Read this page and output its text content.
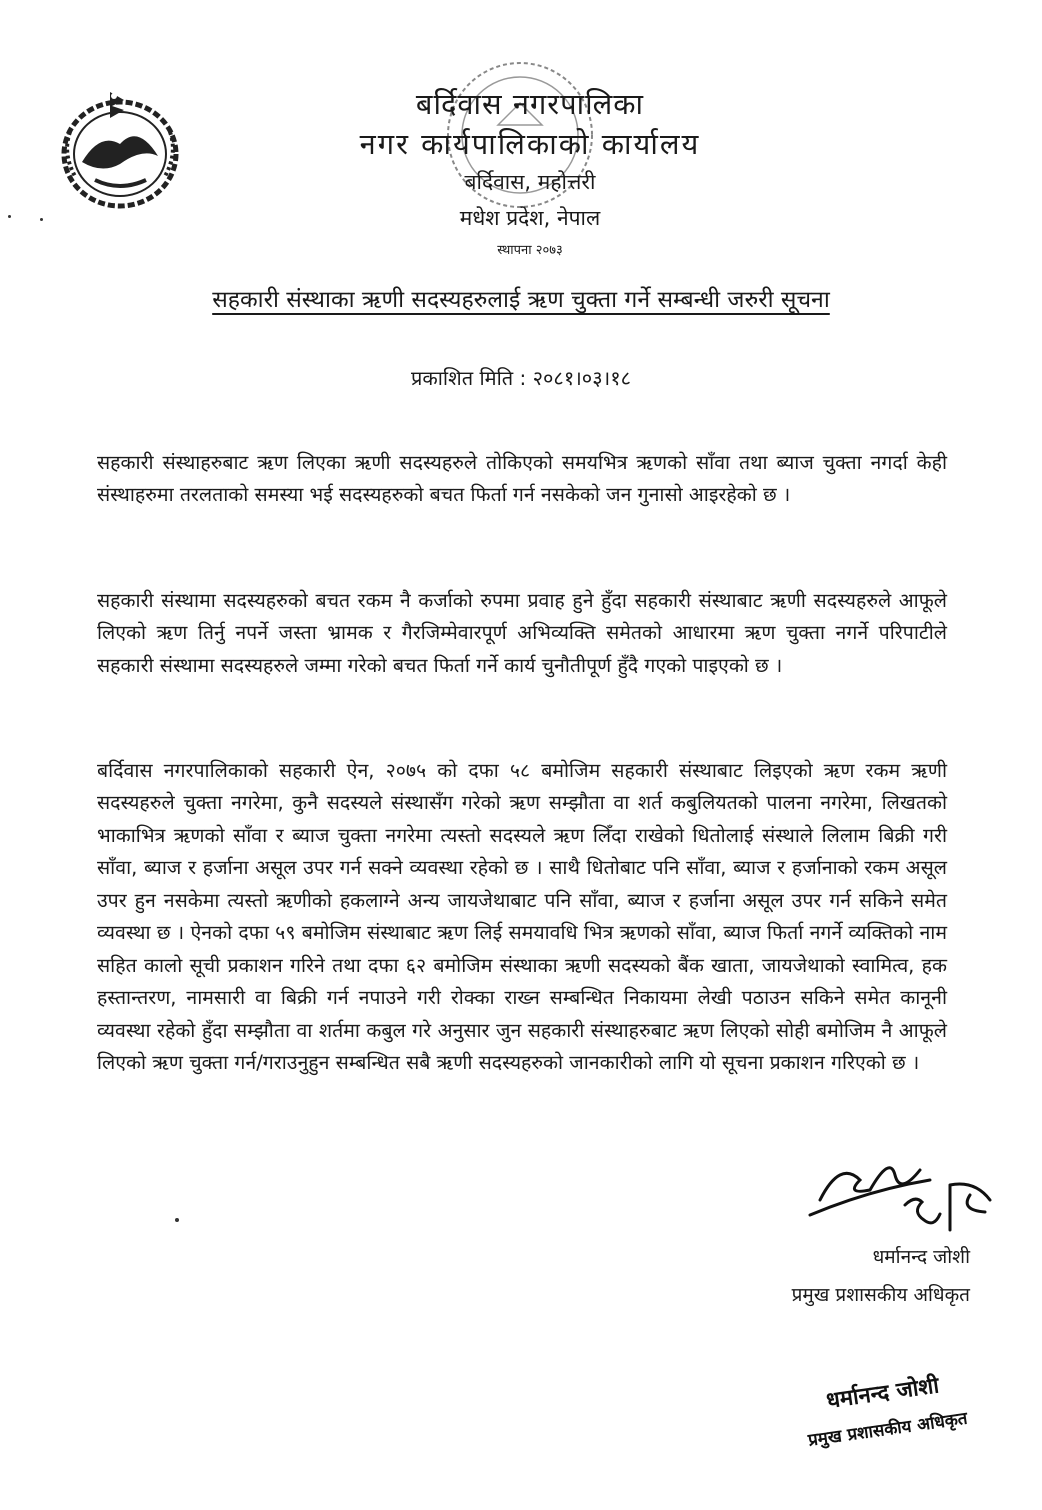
बर्दिवास नगरपालिका
नगर कार्यपालिकाको कार्यालय
बर्दिवास, महोत्तरी
मधेश प्रदेश, नेपाल
स्थापना २०७३
सहकारी संस्थाका ऋणी सदस्यहरुलाई ऋण चुक्ता गर्ने सम्बन्धी जरुरी सूचना
प्रकाशित मिति : २०८१।०३।१८

सहकारी संस्थाहरुबाट ऋण लिएका ऋणी सदस्यहरुले तोकिएको समयभित्र ऋणको साँवा तथा ब्याज चुक्ता नगर्दा केही संस्थाहरुमा तरलताको समस्या भई सदस्यहरुको बचत फिर्ता गर्न नसकेको जन गुनासो आइरहेको छ ।

सहकारी संस्थामा सदस्यहरुको बचत रकम नै कर्जाको रुपमा प्रवाह हुने हुँदा सहकारी संस्थाबाट ऋणी सदस्यहरुले आफूले लिएको ऋण तिर्नु नपर्ने जस्ता भ्रामक र गैरजिम्मेवारपूर्ण अभिव्यक्ति समेतको आधारमा ऋण चुक्ता नगर्ने परिपाटीले सहकारी संस्थामा सदस्यहरुले जम्मा गरेको बचत फिर्ता गर्ने कार्य चुनौतीपूर्ण हुँदै गएको पाइएको छ ।

बर्दिवास नगरपालिकाको सहकारी ऐन, २०७५ को दफा ५८ बमोजिम सहकारी संस्थाबाट लिइएको ऋण रकम ऋणी सदस्यहरुले चुक्ता नगरेमा, कुनै सदस्यले संस्थासँग गरेको ऋण सम्झौता वा शर्त कबुलियतको पालना नगरेमा, लिखतको भाकाभित्र ऋणको साँवा र ब्याज चुक्ता नगरेमा त्यस्तो सदस्यले ऋण लिँदा राखेको धितोलाई संस्थाले लिलाम बिक्री गरी साँवा, ब्याज र हर्जाना असूल उपर गर्न सक्ने व्यवस्था रहेको छ । साथै धितोबाट पनि साँवा, ब्याज र हर्जानाको रकम असूल उपर हुन नसकेमा त्यस्तो ऋणीको हकलाग्ने अन्य जायजेथाबाट पनि साँवा, ब्याज र हर्जाना असूल उपर गर्न सकिने समेत व्यवस्था छ । ऐनको दफा ५९ बमोजिम संस्थाबाट ऋण लिई समयावधि भित्र ऋणको साँवा, ब्याज फिर्ता नगर्ने व्यक्तिको नाम सहित कालो सूची प्रकाशन गरिने तथा दफा ६२ बमोजिम संस्थाका ऋणी सदस्यको बैंक खाता, जायजेथाको स्वामित्व, हक हस्तान्तरण, नामसारी वा बिक्री गर्न नपाउने गरी रोक्का राख्न सम्बन्धित निकायमा लेखी पठाउन सकिने समेत कानूनी व्यवस्था रहेको हुँदा सम्झौता वा शर्तमा कबुल गरे अनुसार जुन सहकारी संस्थाहरुबाट ऋण लिएको सोही बमोजिम नै आफूले लिएको ऋण चुक्ता गर्न/गराउनुहुन सम्बन्धित सबै ऋणी सदस्यहरुको जानकारीको लागि यो सूचना प्रकाशन गरिएको छ ।

धर्मानन्द जोशी
प्रमुख प्रशासकीय अधिकृत
धर्मानन्द जोशी
प्रमुख प्रशासकीय अधिकृत
